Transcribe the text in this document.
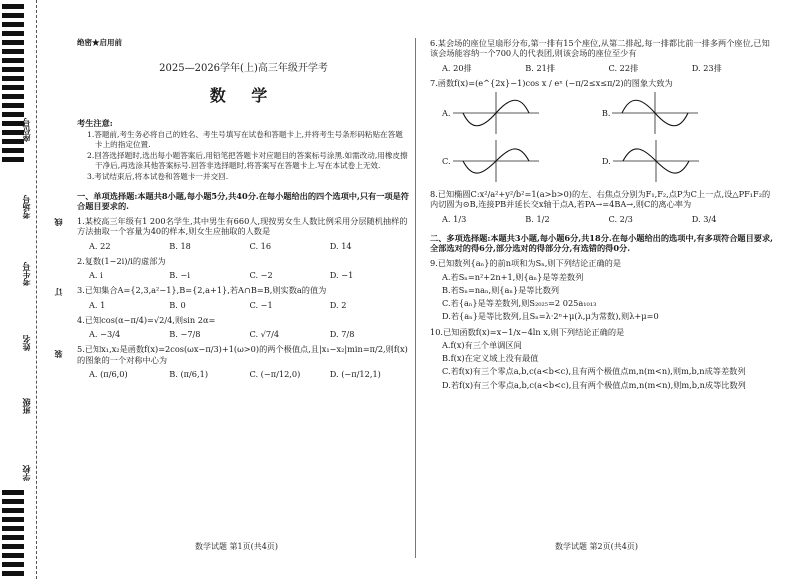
座位号
考场号
考生号
姓名
班级
学校
线
订
装
绝密★启用前
2025—2026学年(上)高三年级开学考
数 学
考生注意:
1.答题前,考生务必将自己的姓名、考生号填写在试卷和答题卡上,并将考生号条形码粘贴在答题卡上的指定位置.
2.回答选择题时,选出每小题答案后,用铅笔把答题卡对应题目的答案标号涂黑.如需改动,用橡皮擦干净后,再选涂其他答案标号.回答非选择题时,将答案写在答题卡上.写在本试卷上无效.
3.考试结束后,将本试卷和答题卡一并交回.
一、单项选择题:本题共8小题,每小题5分,共40分.在每小题给出的四个选项中,只有一项是符合题目要求的.
1.某校高三年级有1 200名学生,其中男生有660人,现按男女生人数比例采用分层随机抽样的方法抽取一个容量为40的样本,则女生应抽取的人数是
A. 22	B. 18	C. 16	D. 14
2.复数(1−2i)/i的虚部为
A. i	B. −i	C. −2	D. −1
3.已知集合A={2,3,a²−1},B={2,a+1},若A∩B=B,则实数a的值为
A. 1	B. 0	C. −1	D. 2
4.已知cos(α−π/4)=√2/4,则sin 2α=
A. −3/4	B. −7/8	C. √7/4	D. 7/8
5.已知x₁,x₂是函数f(x)=2cos(ωx−π/3)+1(ω>0)的两个极值点,且|x₁−x₂|min=π/2,则f(x)的图象的一个对称中心为
A. (π/6,0)	B. (π/6,1)	C. (−π/12,0)	D. (−π/12,1)
6.某会场的座位呈扇形分布,第一排有15个座位,从第二排起,每一排都比前一排多两个座位,已知该会场能容纳一个700人的代表团,则该会场的座位至少有
A. 20排	B. 21排	C. 22排	D. 23排
7.函数f(x)=(e^{2x}−1)cos x / eˣ (−π/2≤x≤π/2)的图象大致为
A.	B.
C.	D.
8.已知椭圆C:x²/a²+y²/b²=1(a>b>0)的左、右焦点分别为F₁,F₂,点P为C上一点,设△PF₁F₂的内切圆为⊙B,连接PB并延长交x轴于点A,若PA→=4BA→,则C的离心率为
A. 1/3	B. 1/2	C. 2/3	D. 3/4
二、多项选择题:本题共3小题,每小题6分,共18分.在每小题给出的选项中,有多项符合题目要求,全部选对的得6分,部分选对的得部分分,有选错的得0分.
9.已知数列{aₙ}的前n项和为Sₙ,则下列结论正确的是
A.若Sₙ=n²+2n+1,则{aₙ}是等差数列
B.若Sₙ=naₙ,则{aₙ}是等比数列
C.若{aₙ}是等差数列,则S₂₀₂₅=2 025a₁₀₁₃
D.若{aₙ}是等比数列,且Sₙ=λ·2ⁿ+μ(λ,μ为常数),则λ+μ=0
10.已知函数f(x)=x−1/x−4ln x,则下列结论正确的是
A.f(x)有三个单调区间
B.f(x)在定义域上没有最值
C.若f(x)有三个零点a,b,c(a<b<c),且有两个极值点m,n(m<n),则m,b,n成等差数列
D.若f(x)有三个零点a,b,c(a<b<c),且有两个极值点m,n(m<n),则m,b,n成等比数列
数学试题 第1页(共4页)	数学试题 第2页(共4页)
